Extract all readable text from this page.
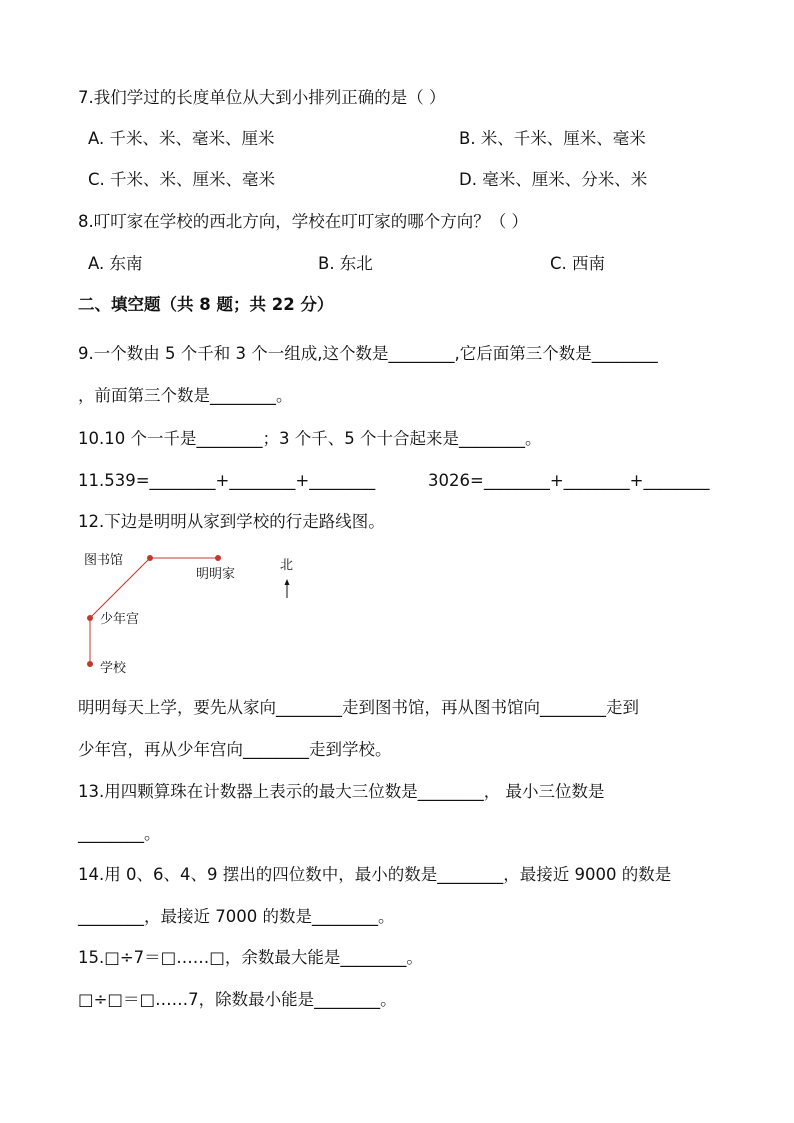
7.我们学过的长度单位从大到小排列正确的是（ ）
A. 千米、米、毫米、厘米	B. 米、千米、厘米、毫米
C. 千米、米、厘米、毫米	D. 毫米、厘米、分米、米
8.叮叮家在学校的西北方向，学校在叮叮家的哪个方向？（ ）
A. 东南	B. 东北	C. 西南
二、填空题（共 8 题；共 22 分）
9.一个数由 5 个千和 3 个一组成,这个数是________,它后面第三个数是________
，前面第三个数是________。
10.10 个一千是________；3 个千、5 个十合起来是________。
11.539=________+________+________	3026=________+________+________
12.下边是明明从家到学校的行走路线图。
图书馆
明明家
少年宫
学校
北
明明每天上学，要先从家向________走到图书馆，再从图书馆向________走到
少年宫，再从少年宫向________走到学校。
13.用四颗算珠在计数器上表示的最大三位数是________， 最小三位数是
________。
14.用 0、6、4、9 摆出的四位数中，最小的数是________，最接近 9000 的数是
________，最接近 7000 的数是________。
15.□÷7＝□……□，余数最大能是________。
□÷□＝□……7，除数最小能是________。
